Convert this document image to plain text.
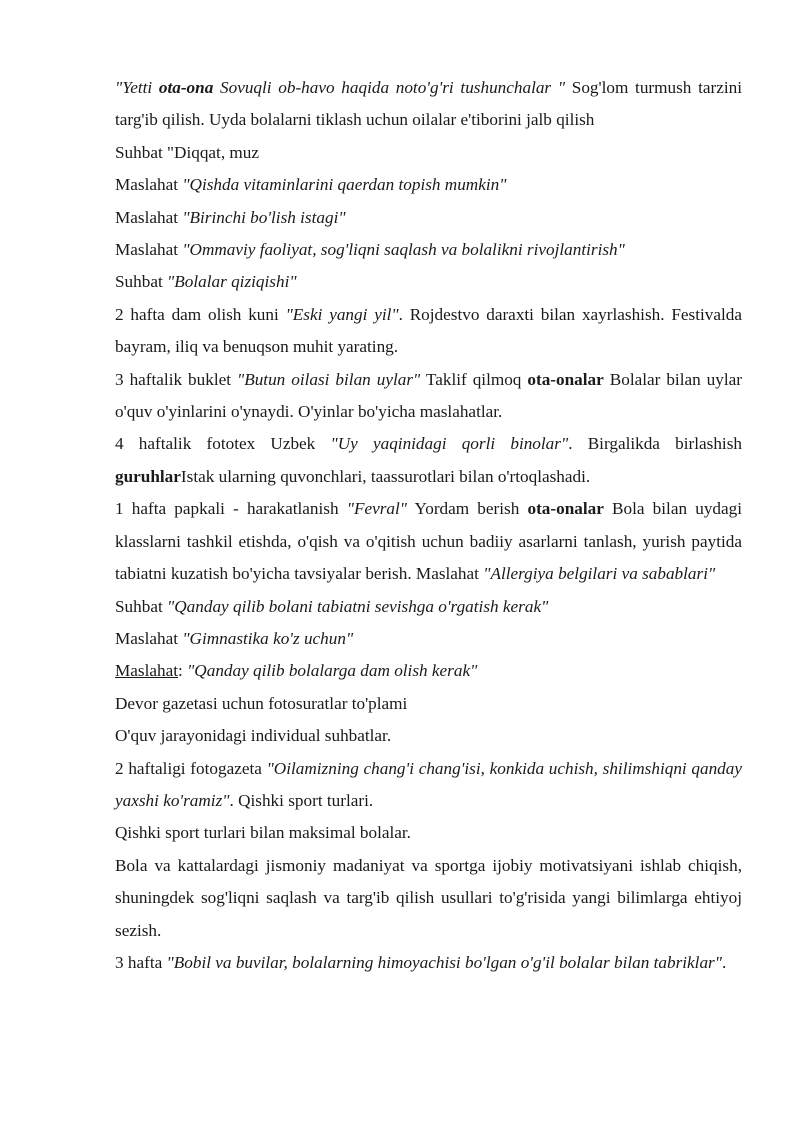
"Yetti ota-ona Sovuqli ob-havo haqida noto'g'ri tushunchalar " Sog'lom turmush tarzini targ'ib qilish. Uyda bolalarni tiklash uchun oilalar e'tiborini jalb qilish

Suhbat "Diqqat, muz

Maslahat "Qishda vitaminlarini qaerdan topish mumkin"

Maslahat "Birinchi bo'lish istagi"

Maslahat "Ommaviy faoliyat, sog'liqni saqlash va bolalikni rivojlantirish"

Suhbat "Bolalar qiziqishi"

2 hafta dam olish kuni "Eski yangi yil". Rojdestvo daraxti bilan xayrlashish. Festivalda bayram, iliq va benuqson muhit yarating.

3 haftalik buklet "Butun oilasi bilan uylar" Taklif qilmoq ota-onalar Bolalar bilan uylar o'quv o'yinlarini o'ynaydi. O'yinlar bo'yicha maslahatlar.

4 haftalik fototex Uzbek "Uy yaqinidagi qorli binolar". Birgalikda birlashish guruhlarIstak ularning quvonchlari, taassurotlari bilan o'rtoqlashadi.

1 hafta papkali - harakatlanish "Fevral" Yordam berish ota-onalar Bola bilan uydagi klasslarni tashkil etishda, o'qish va o'qitish uchun badiiy asarlarni tanlash, yurish paytida tabiatni kuzatish bo'yicha tavsiyalar berish. Maslahat "Allergiya belgilari va sabablari"

Suhbat "Qanday qilib bolani tabiatni sevishga o'rgatish kerak"

Maslahat "Gimnastika ko'z uchun"

Maslahat: "Qanday qilib bolalarga dam olish kerak"

Devor gazetasi uchun fotosuratlar to'plami

O'quv jarayonidagi individual suhbatlar.

2 haftaligi fotogazeta "Oilamizning chang'i chang'isi, konkida uchish, shilimshiqni qanday yaxshi ko'ramiz". Qishki sport turlari.

Qishki sport turlari bilan maksimal bolalar.

Bola va kattalardagi jismoniy madaniyat va sportga ijobiy motivatsiyani ishlab chiqish, shuningdek sog'liqni saqlash va targ'ib qilish usullari to'g'risida yangi bilimlarga ehtiyoj sezish.

3 hafta "Bobil va buvilar, bolalarning himoyachisi bo'lgan o'g'il bolalar bilan tabriklar".
